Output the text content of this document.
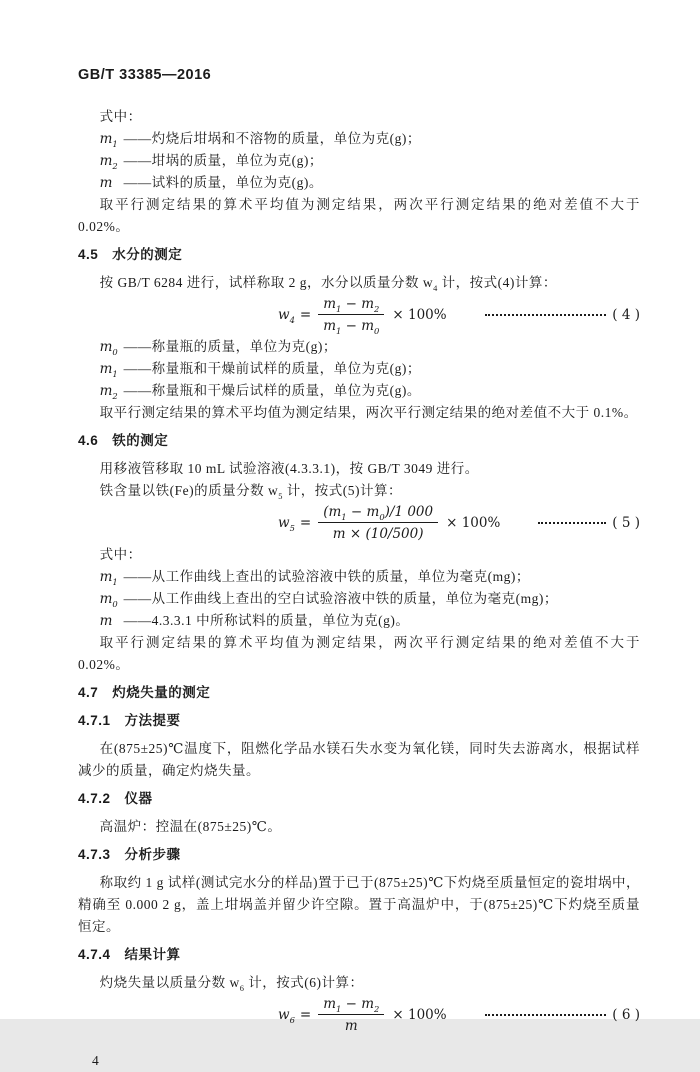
GB/T 33385—2016

式中：

$m_1$ ——灼烧后坩埚和不溶物的质量，单位为克(g)；

$m_2$ ——坩埚的质量，单位为克(g)；

m ——试料的质量，单位为克(g)。

取平行测定结果的算术平均值为测定结果，两次平行测定结果的绝对差值不大于 0.02%。

4.5 水分的测定

按 GB/T 6284 进行，试样称取 2 g，水分以质量分数 $w_4$ 计，按式(4)计算：

$w_4 = \frac{m_1 - m_2}{m_1 - m_0} \times 100\%$	( 4 )

$m_0$ ——称量瓶的质量，单位为克(g)；

$m_1$ ——称量瓶和干燥前试样的质量，单位为克(g)；

$m_2$ ——称量瓶和干燥后试样的质量，单位为克(g)。

取平行测定结果的算术平均值为测定结果，两次平行测定结果的绝对差值不大于 0.1%。

4.6 铁的测定

用移液管移取 10 mL 试验溶液(4.3.3.1)，按 GB/T 3049 进行。

铁含量以铁(Fe)的质量分数 $w_5$ 计，按式(5)计算：

$w_5 = \frac{(m_1 - m_0)/1 000}{m \times (10/500)} \times 100\%$	( 5 )

式中：

$m_1$ ——从工作曲线上查出的试验溶液中铁的质量，单位为毫克(mg)；

$m_0$ ——从工作曲线上查出的空白试验溶液中铁的质量，单位为毫克(mg)；

m ——4.3.3.1 中所称试料的质量，单位为克(g)。

取平行测定结果的算术平均值为测定结果，两次平行测定结果的绝对差值不大于 0.02%。

4.7 灼烧失量的测定
4.7.1 方法提要

在(875±25)℃温度下，阻燃化学品水镁石失水变为氧化镁，同时失去游离水，根据试样减少的质量，确定灼烧失量。

4.7.2 仪器

高温炉：控温在(875±25)℃。

4.7.3 分析步骤

称取约 1 g 试样(测试完水分的样品)置于已于(875±25)℃下灼烧至质量恒定的瓷坩埚中，精确至 0.000 2 g，盖上坩埚盖并留少许空隙。置于高温炉中，于(875±25)℃下灼烧至质量恒定。

4.7.4 结果计算

灼烧失量以质量分数 $w_6$ 计，按式(6)计算：

$w_6 = \frac{m_1 - m_2}{m} \times 100\%$	( 6 )
4
